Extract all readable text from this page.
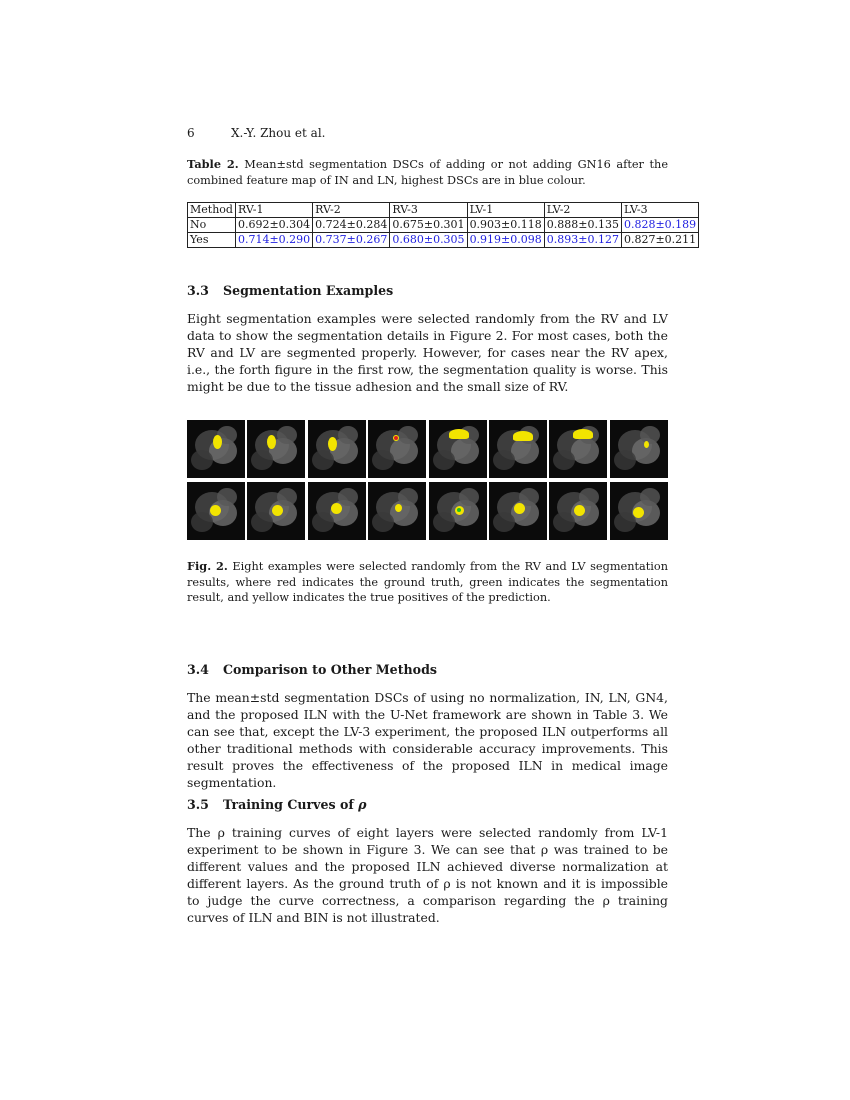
6	X.-Y. Zhou et al.
Table 2. Mean±std segmentation DSCs of adding or not adding GN16 after the combined feature map of IN and LN, highest DSCs are in blue colour.
Method	RV-1	RV-2	RV-3	LV-1	LV-2	LV-3
No	0.692±0.304	0.724±0.284	0.675±0.301	0.903±0.118	0.888±0.135	0.828±0.189
Yes	0.714±0.290	0.737±0.267	0.680±0.305	0.919±0.098	0.893±0.127	0.827±0.211

3.3 Segmentation Examples

Eight segmentation examples were selected randomly from the RV and LV data to show the segmentation details in Figure 2. For most cases, both the RV and LV are segmented properly. However, for cases near the RV apex, i.e., the forth figure in the first row, the segmentation quality is worse. This might be due to the tissue adhesion and the small size of RV.

Fig. 2. Eight examples were selected randomly from the RV and LV segmentation results, where red indicates the ground truth, green indicates the segmentation result, and yellow indicates the true positives of the prediction.

3.4 Comparison to Other Methods

The mean±std segmentation DSCs of using no normalization, IN, LN, GN4, and the proposed ILN with the U-Net framework are shown in Table 3. We can see that, except the LV-3 experiment, the proposed ILN outperforms all other traditional methods with considerable accuracy improvements. This result proves the effectiveness of the proposed ILN in medical image segmentation.

3.5 Training Curves of ρ

The ρ training curves of eight layers were selected randomly from LV-1 experiment to be shown in Figure 3. We can see that ρ was trained to be different values and the proposed ILN achieved diverse normalization at different layers. As the ground truth of ρ is not known and it is impossible to judge the curve correctness, a comparison regarding the ρ training curves of ILN and BIN is not illustrated.
